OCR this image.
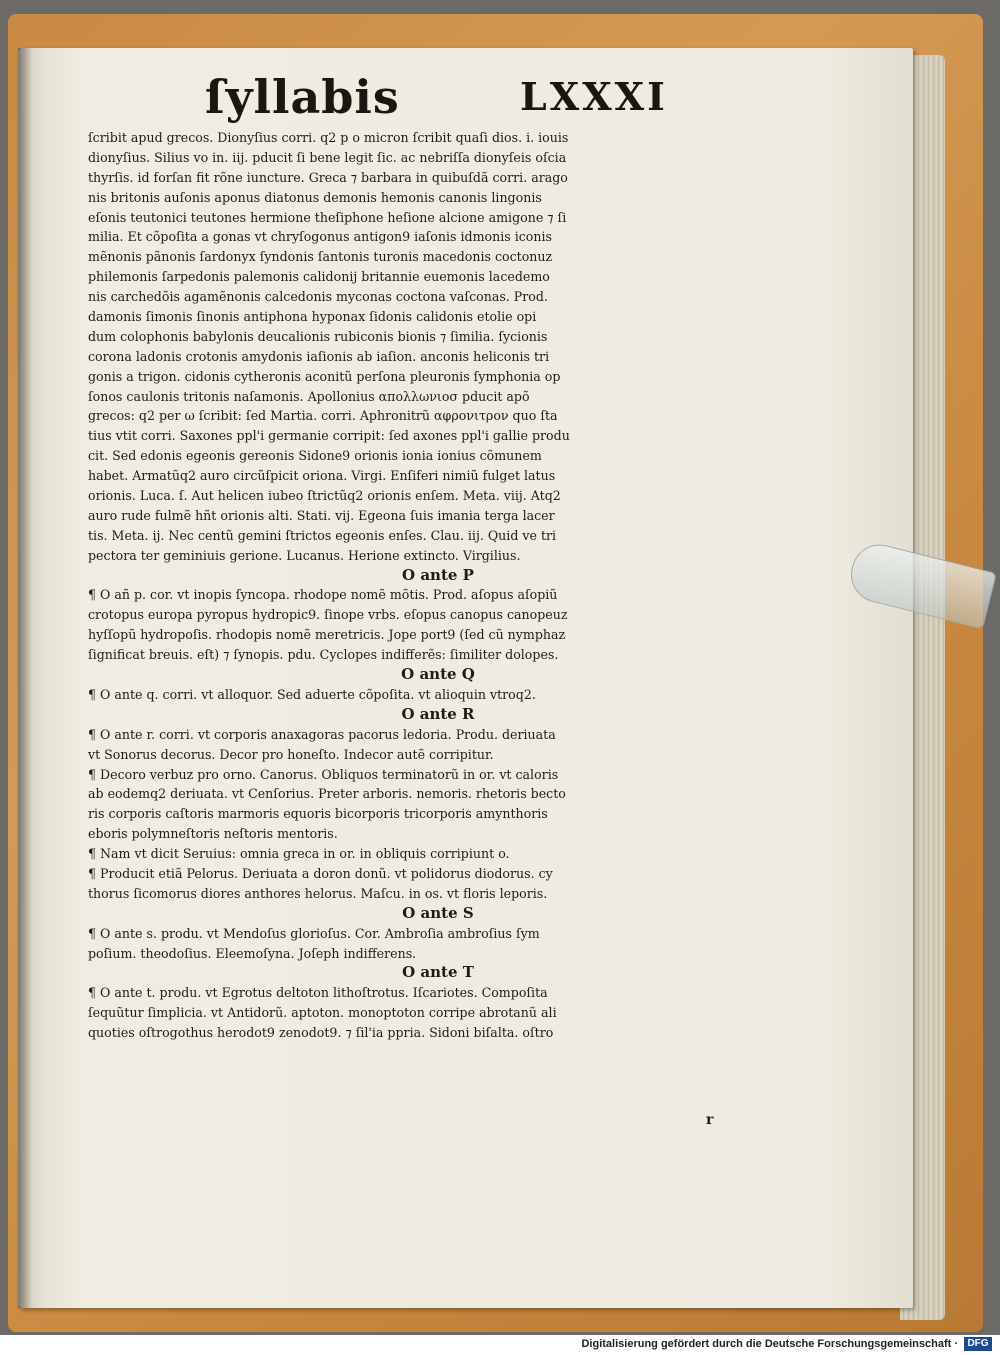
ſyllabis	LXXXI
ſcribit apud grecos. Dionyſius corri. q2 p o micron ſcribit quaſi dios. i. iouis
dionyſius. Silius vo in. iij. pducit ſi bene legit ſic. ac nebriſſa dionyſeis oſcia
thyrſis. id forſan fit rõne iuncture. Greca ⁊ barbara in quibuſdã corri. arago
nis britonis auſonis aponus diatonus demonis hemonis canonis lingonis
eſonis teutonici teutones hermione theſiphone heſione alcione amigone ⁊ ſi
milia. Et cõpoſita a gonas vt chryſogonus antigon9 iaſonis idmonis iconis
mẽnonis pãnonis ſardonyx ſyndonis ſantonis turonis macedonis coctonuz
philemonis ſarpedonis palemonis calidonij britannie euemonis lacedemo
nis carchedõis agamẽnonis calcedonis myconas coctona vaſconas. Prod.
damonis ſimonis ſinonis antiphona hyponax ſidonis calidonis etolie opi
dum colophonis babylonis deucalionis rubiconis bionis ⁊ ſimilia. ſycionis
corona ladonis crotonis amydonis iaſionis ab iaſion. anconis heliconis tri
gonis a trigon. cidonis cytheronis aconitũ perſona pleuronis ſymphonia op
ſonos caulonis tritonis naſamonis. Apollonius απολλωνιοσ pducit apõ
grecos: q2 per ω ſcribit: ſed Martia. corri. Aphronitrũ αφρονιτρον quo ſta
tius vtit corri. Saxones ppl'i germanie corripit: ſed axones ppl'i gallie produ
cit. Sed edonis egeonis gereonis Sidone9 orionis ionia ionius cõmunem
habet. Armatũq2 auro circũſpicit oriona. Virgi. Enſiferi nimiũ fulget latus
orionis. Luca. ſ. Aut helicen iubeo ſtrictũq2 orionis enſem. Meta. viij. Atq2
auro rude fulmẽ hñt orionis alti. Stati. vij. Egeona ſuis imania terga lacer
tis. Meta. ij. Nec centũ gemini ſtrictos egeonis enſes. Clau. iij. Quid ve tri
pectora ter geminiuis gerione. Lucanus. Herione extincto. Virgilius.
O ante P
¶ O añ p. cor. vt inopis ſyncopa. rhodope nomẽ mõtis. Prod. aſopus aſopiũ
crotopus europa pyropus hydropic9. ſinope vrbs. eſopus canopus canopeuz
hyſſopũ hydropoſis. rhodopis nomẽ meretricis. Jope port9 (ſed cũ nymphaz
ſignificat breuis. eſt) ⁊ ſynopis. pdu. Cyclopes indifferẽs: ſimiliter dolopes.
O ante Q
¶ O ante q. corri. vt alloquor. Sed aduerte cõpoſita. vt alioquin vtroq2.
O ante R
¶ O ante r. corri. vt corporis anaxagoras pacorus ledoria. Produ. deriuata
vt Sonorus decorus. Decor pro honeſto. Indecor autẽ corripitur.
¶ Decoro verbuz pro orno. Canorus. Obliquos terminatorũ in or. vt caloris
ab eodemq2 deriuata. vt Cenſorius. Preter arboris. nemoris. rhetoris becto
ris corporis caſtoris marmoris equoris bicorporis tricorporis amynthoris
eboris polymneſtoris neſtoris mentoris.
¶ Nam vt dicit Seruius: omnia greca in or. in obliquis corripiunt o.
¶ Producit etiã Pelorus. Deriuata a doron donũ. vt polidorus diodorus. cy
thorus ſicomorus diores anthores helorus. Maſcu. in os. vt floris leporis.
O ante S
¶ O ante s. produ. vt Mendoſus glorioſus. Cor. Ambroſia ambroſius ſym
poſium. theodoſius. Eleemoſyna. Joſeph indifferens.
O ante T
¶ O ante t. produ. vt Egrotus deltoton lithoſtrotus. Iſcariotes. Compoſita
ſequũtur ſimplicia. vt Antidorũ. aptoton. monoptoton corripe abrotanũ ali
quoties oſtrogothus herodot9 zenodot9. ⁊ ſil'ia ppria. Sidoni biſalta. oſtro
r
Digitalisierung gefördert durch die Deutsche Forschungsgemeinschaft · DFG
